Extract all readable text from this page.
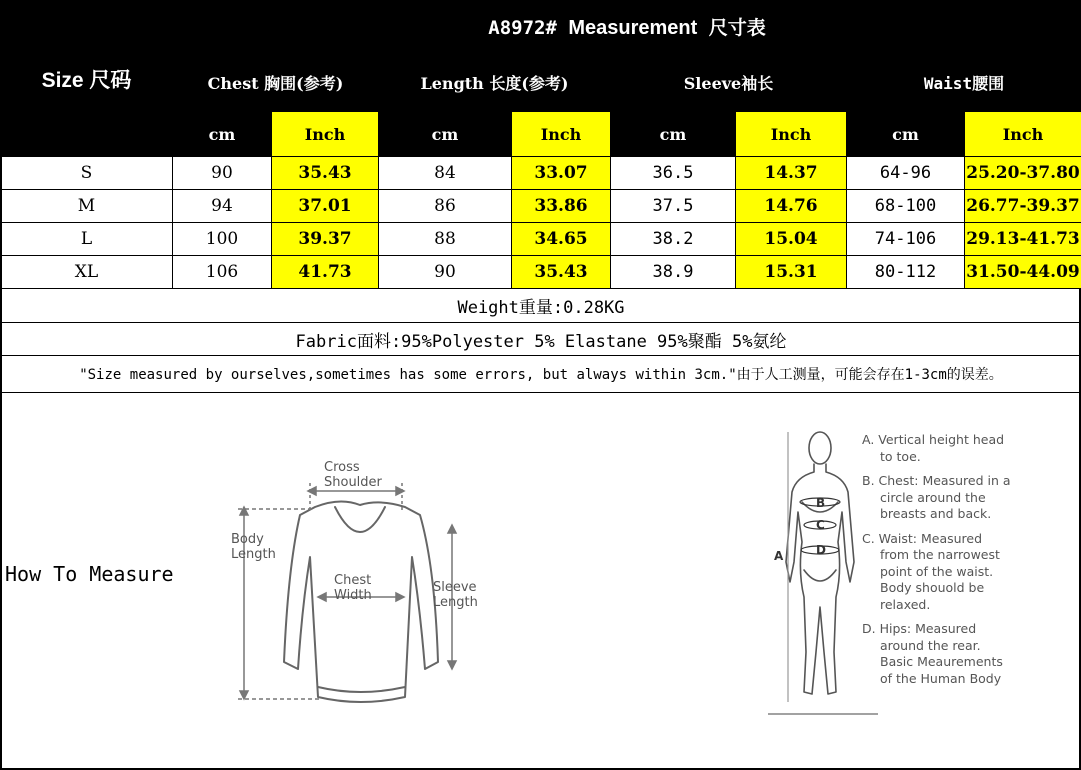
Size 尺码	A8972# Measurement 尺寸表							
	Chest 胸围(参考)		Length 长度(参考)		Sleeve袖长		Waist腰围	
	cm	Inch	cm	Inch	cm	Inch	cm	Inch
S	90	35.43	84	33.07	36.5	14.37	64-96	25.20-37.80
M	94	37.01	86	33.86	37.5	14.76	68-100	26.77-39.37
L	100	39.37	88	34.65	38.2	15.04	74-106	29.13-41.73
XL	106	41.73	90	35.43	38.9	15.31	80-112	31.50-44.09
Weight重量:0.28KG								
Fabric面料:95%Polyester 5% Elastane 95%聚酯 5%氨纶								
"Size measured by ourselves,sometimes has some errors, but always within 3cm."由于人工测量，可能会存在1-3cm的误差。								
How To Measure
Cross
Shoulder
Body
Length
Chest
Width
Sleeve
Length
B
C
D
A
A. Vertical height head
to toe.
B. Chest: Measured in a
circle around the
breasts and back.
C. Waist: Measured
from the narrowest
point of the waist.
Body shouold be
relaxed.
D. Hips: Measured
around the rear.
Basic Meaurements
of the Human Body
